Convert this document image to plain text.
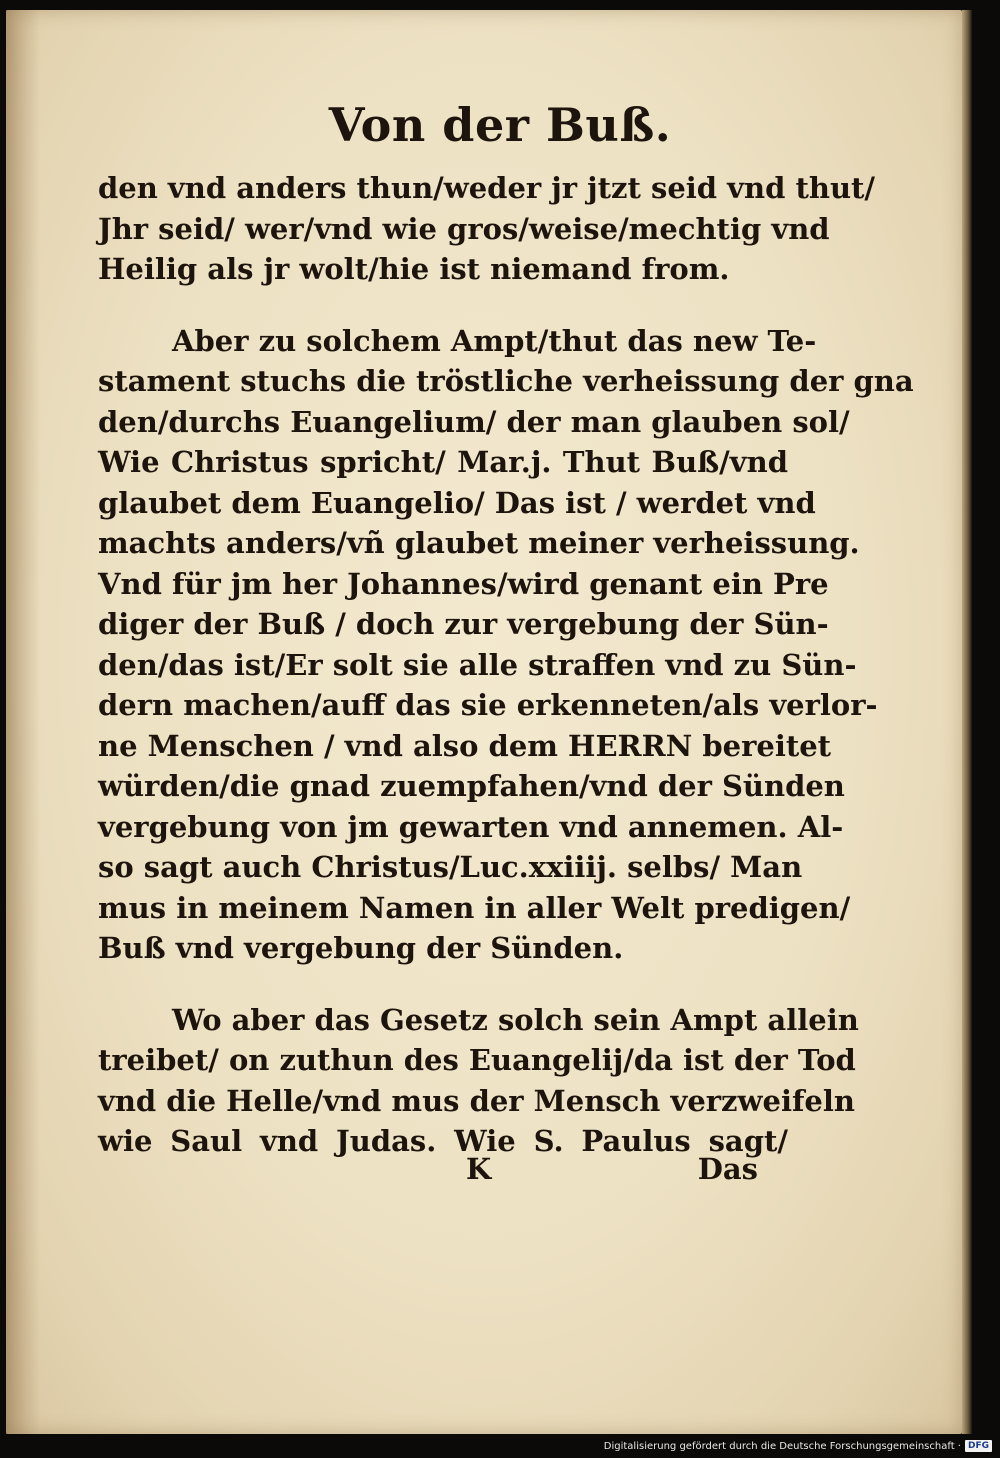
Von der Buß.
den vnd anders thun/weder jr jtzt seid vnd thut/
Jhr seid/ wer/vnd wie gros/weise/mechtig vnd
Heilig als jr wolt/hie ist niemand from.
Aber zu solchem Ampt/thut das new Te-
stament stuchs die tröstliche verheissung der gna
den/durchs Euangelium/ der man glauben sol/
Wie Christus spricht/ Mar.j. Thut Buß/vnd
glaubet dem Euangelio/ Das ist / werdet vnd
machts anders/vñ glaubet meiner verheissung.
Vnd für jm her Johannes/wird genant ein Pre
diger der Buß / doch zur vergebung der Sün-
den/das ist/Er solt sie alle straffen vnd zu Sün-
dern machen/auff das sie erkenneten/als verlor-
ne Menschen / vnd also dem HERRN bereitet
würden/die gnad zuempfahen/vnd der Sünden
vergebung von jm gewarten vnd annemen. Al-
so sagt auch Christus/Luc.xxiiij. selbs/ Man
mus in meinem Namen in aller Welt predigen/
Buß vnd vergebung der Sünden.
Wo aber das Gesetz solch sein Ampt allein
treibet/ on zuthun des Euangelij/da ist der Tod
vnd die Helle/vnd mus der Mensch verzweifeln
wie Saul vnd Judas. Wie S. Paulus sagt/
K	Das
Digitalisierung gefördert durch die Deutsche Forschungsgemeinschaft · DFG
